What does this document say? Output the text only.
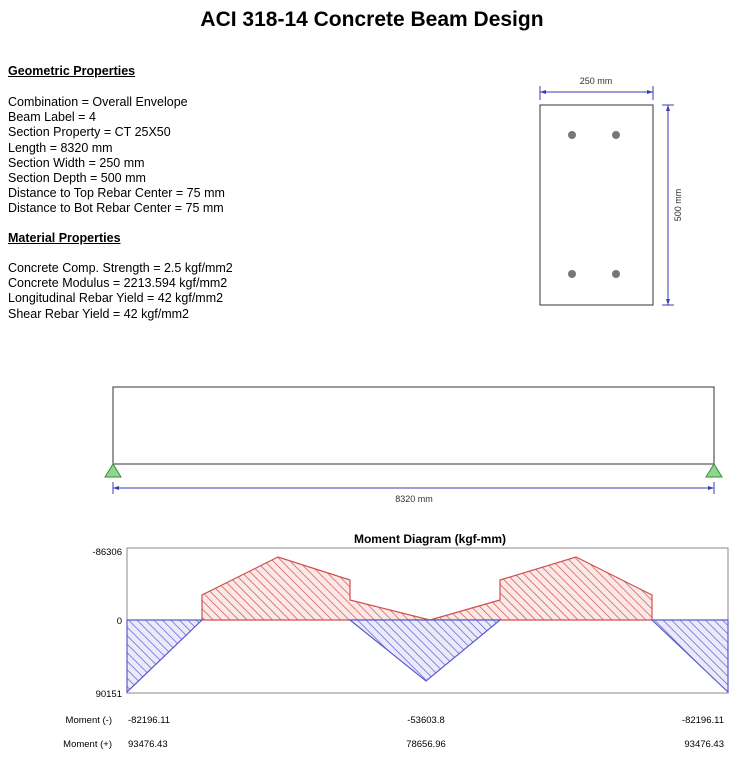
ACI 318-14 Concrete Beam Design
Geometric Properties
Combination = Overall Envelope
Beam Label = 4
Section Property = CT 25X50
Length = 8320 mm
Section Width = 250 mm
Section Depth = 500 mm
Distance to Top Rebar Center = 75 mm
Distance to Bot Rebar Center = 75 mm
Material Properties
Concrete Comp. Strength = 2.5 kgf/mm2
Concrete Modulus = 2213.594 kgf/mm2
Longitudinal Rebar Yield = 42 kgf/mm2
Shear Rebar Yield = 42 kgf/mm2
250 mm
500 mm
8320 mm
Moment Diagram (kgf-mm)
-86306
0
90151
Moment (-) -82196.11	-53603.8	-82196.11
Moment (+) 93476.43	78656.96	93476.43
